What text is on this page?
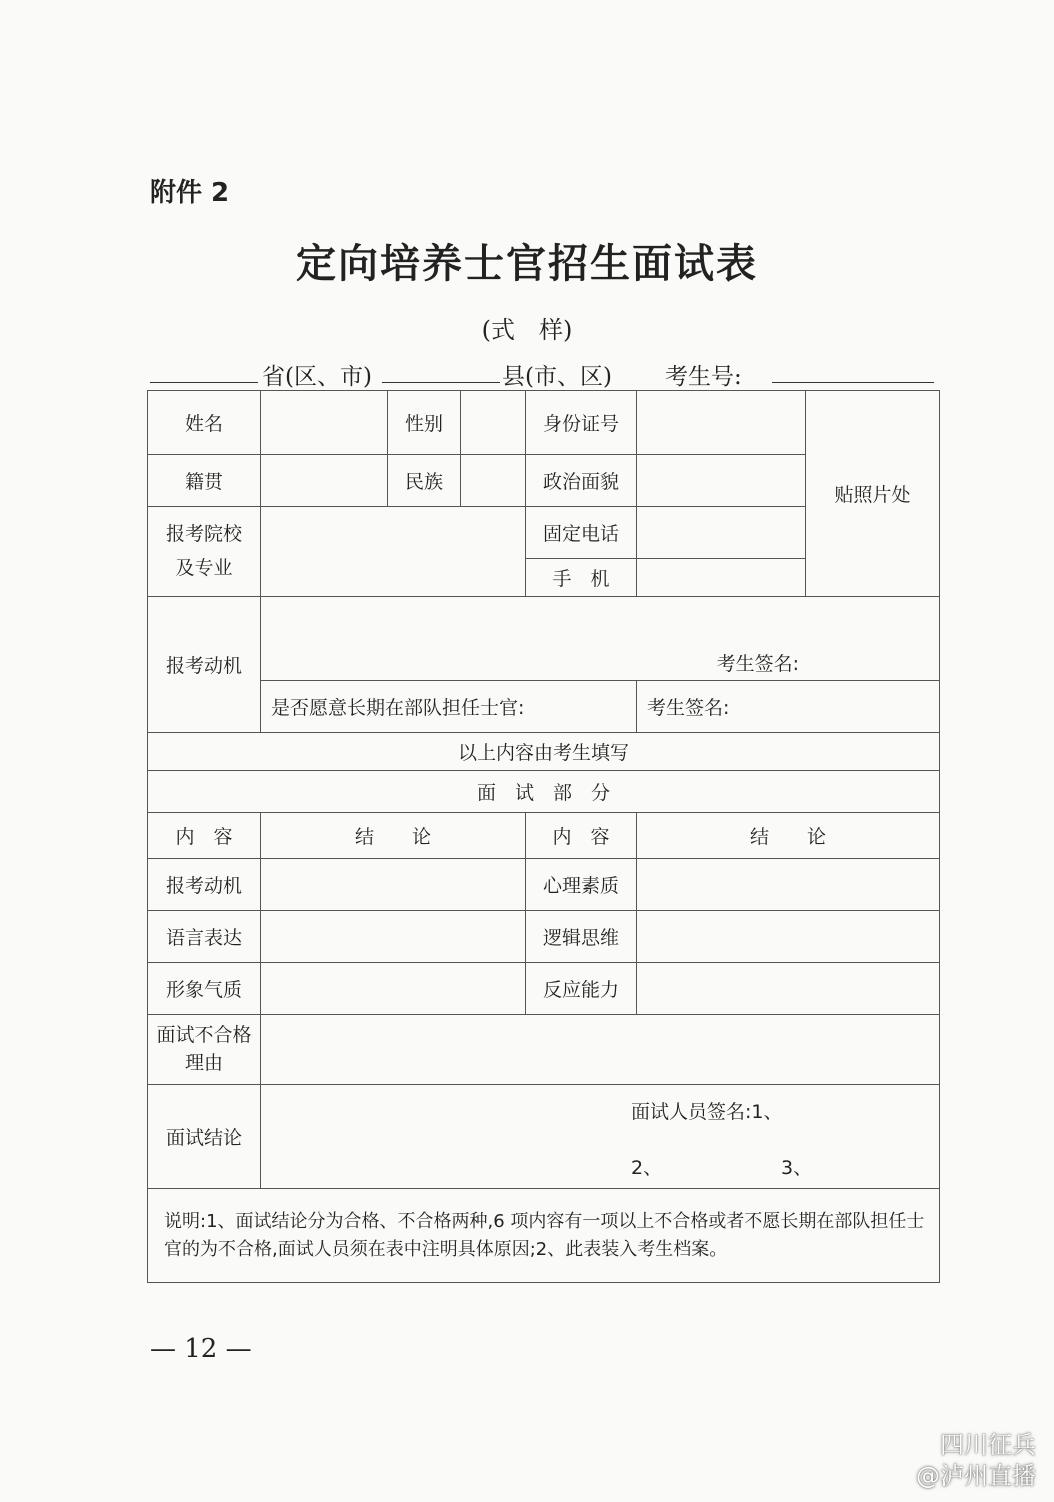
附件 2
定向培养士官招生面试表
(式　样)
省(区、市)	县(市、区) 考生号:
姓名		性别		身份证号		贴照片处
籍贯		民族		政治面貌		
报考院校
及专业				固定电话		
				手　机		
报考动机	考生签名:					

	是否愿意长期在部队担任士官:				考生签名:	
以上内容由考生填写						
面　试　部　分						
内　容	结　　论			内　容	结　　论	
报考动机				心理素质		
语言表达				逻辑思维		
形象气质				反应能力		
面试不合格理由						
面试结论	面试人员签名:1、
2、 3、					

说明:1、面试结论分为合格、不合格两种,6 项内容有一项以上不合格或者不愿长期在部队担任士官的为不合格,面试人员须在表中注明具体原因;2、此表装入考生档案。						
— 12 —
四川征兵
@泸州直播
